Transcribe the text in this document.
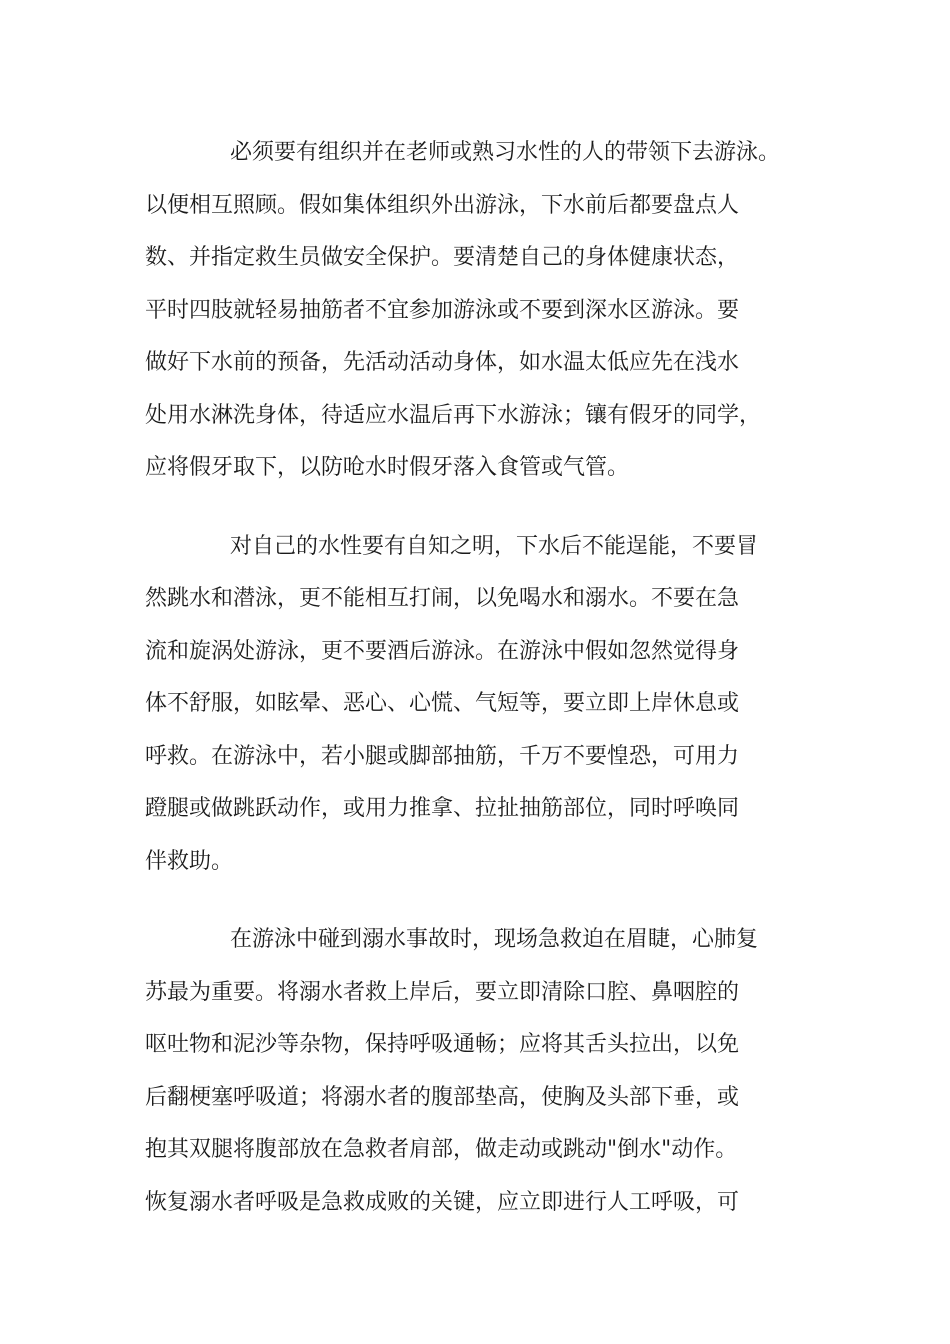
必须要有组织并在老师或熟习水性的人的带领下去游泳。
以便相互照顾。假如集体组织外出游泳，下水前后都要盘点人
数、并指定救生员做安全保护。要清楚自己的身体健康状态，
平时四肢就轻易抽筋者不宜参加游泳或不要到深水区游泳。要
做好下水前的预备，先活动活动身体，如水温太低应先在浅水
处用水淋洗身体，待适应水温后再下水游泳；镶有假牙的同学，
应将假牙取下，以防呛水时假牙落入食管或气管。
对自己的水性要有自知之明，下水后不能逞能，不要冒
然跳水和潜泳，更不能相互打闹，以免喝水和溺水。不要在急
流和旋涡处游泳，更不要酒后游泳。在游泳中假如忽然觉得身
体不舒服，如眩晕、恶心、心慌、气短等，要立即上岸休息或
呼救。在游泳中，若小腿或脚部抽筋，千万不要惶恐，可用力
蹬腿或做跳跃动作，或用力推拿、拉扯抽筋部位，同时呼唤同
伴救助。
在游泳中碰到溺水事故时，现场急救迫在眉睫，心肺复
苏最为重要。将溺水者救上岸后，要立即清除口腔、鼻咽腔的
呕吐物和泥沙等杂物，保持呼吸通畅；应将其舌头拉出，以免
后翻梗塞呼吸道；将溺水者的腹部垫高，使胸及头部下垂，或
抱其双腿将腹部放在急救者肩部，做走动或跳动"倒水"动作。
恢复溺水者呼吸是急救成败的关键，应立即进行人工呼吸，可
